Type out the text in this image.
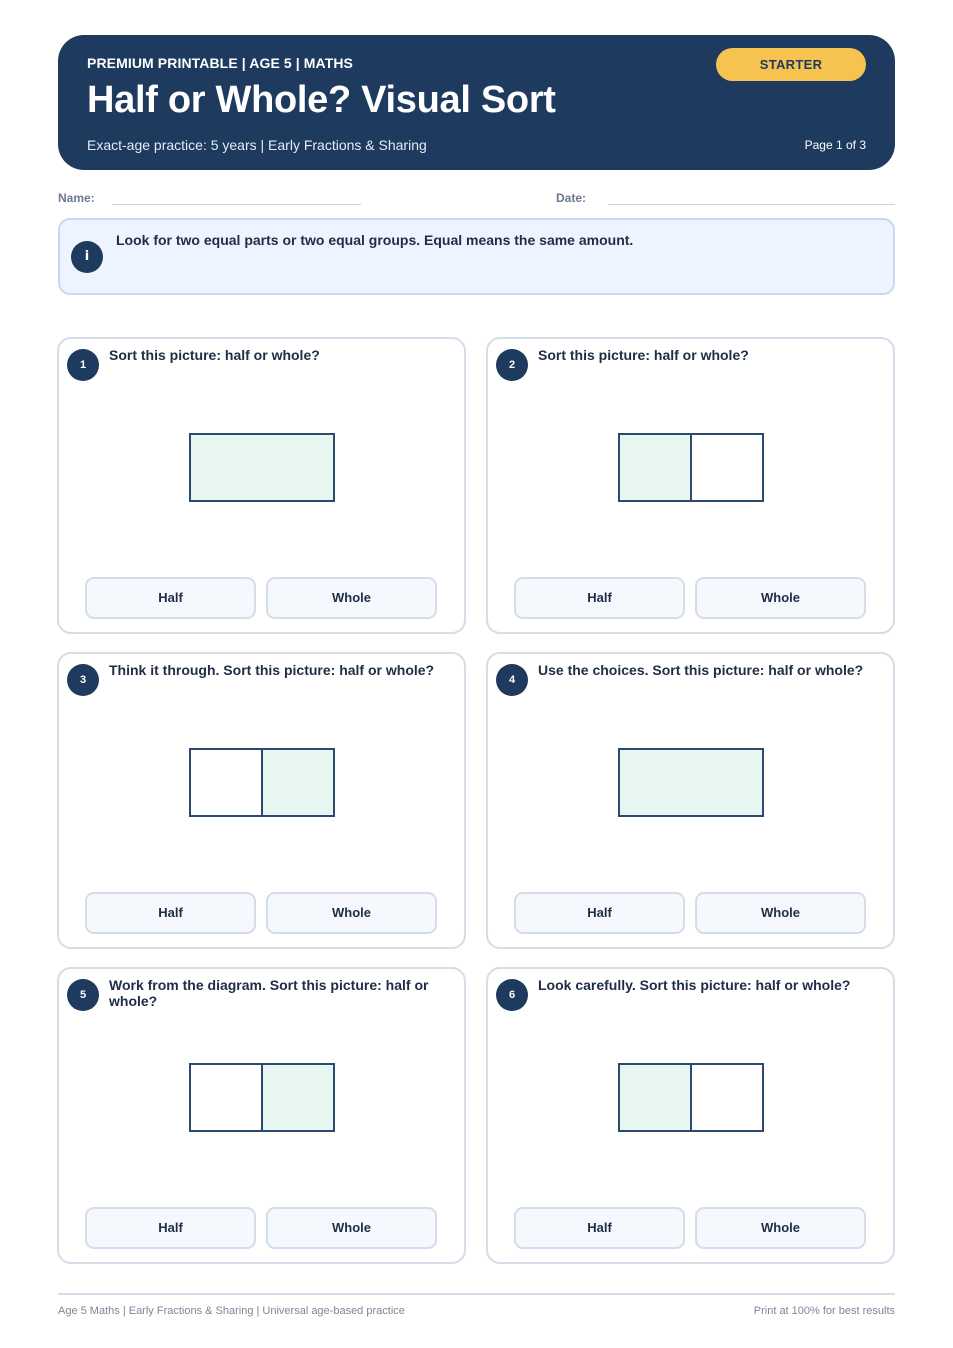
PREMIUM PRINTABLE | AGE 5 | MATHS
Half or Whole? Visual Sort
Exact-age practice: 5 years | Early Fractions & Sharing
STARTER
Page 1 of 3
Name:	Date:
i
Look for two equal parts or two equal groups. Equal means the same amount.
1
Sort this picture: half or whole?
Half	Whole
2
Sort this picture: half or whole?
Half	Whole
3
Think it through. Sort this picture: half or whole?
Half	Whole
4
Use the choices. Sort this picture: half or whole?
Half	Whole
5
Work from the diagram. Sort this picture: half or whole?
Half	Whole
6
Look carefully. Sort this picture: half or whole?
Half	Whole
Age 5 Maths | Early Fractions & Sharing | Universal age-based practice	Print at 100% for best results
